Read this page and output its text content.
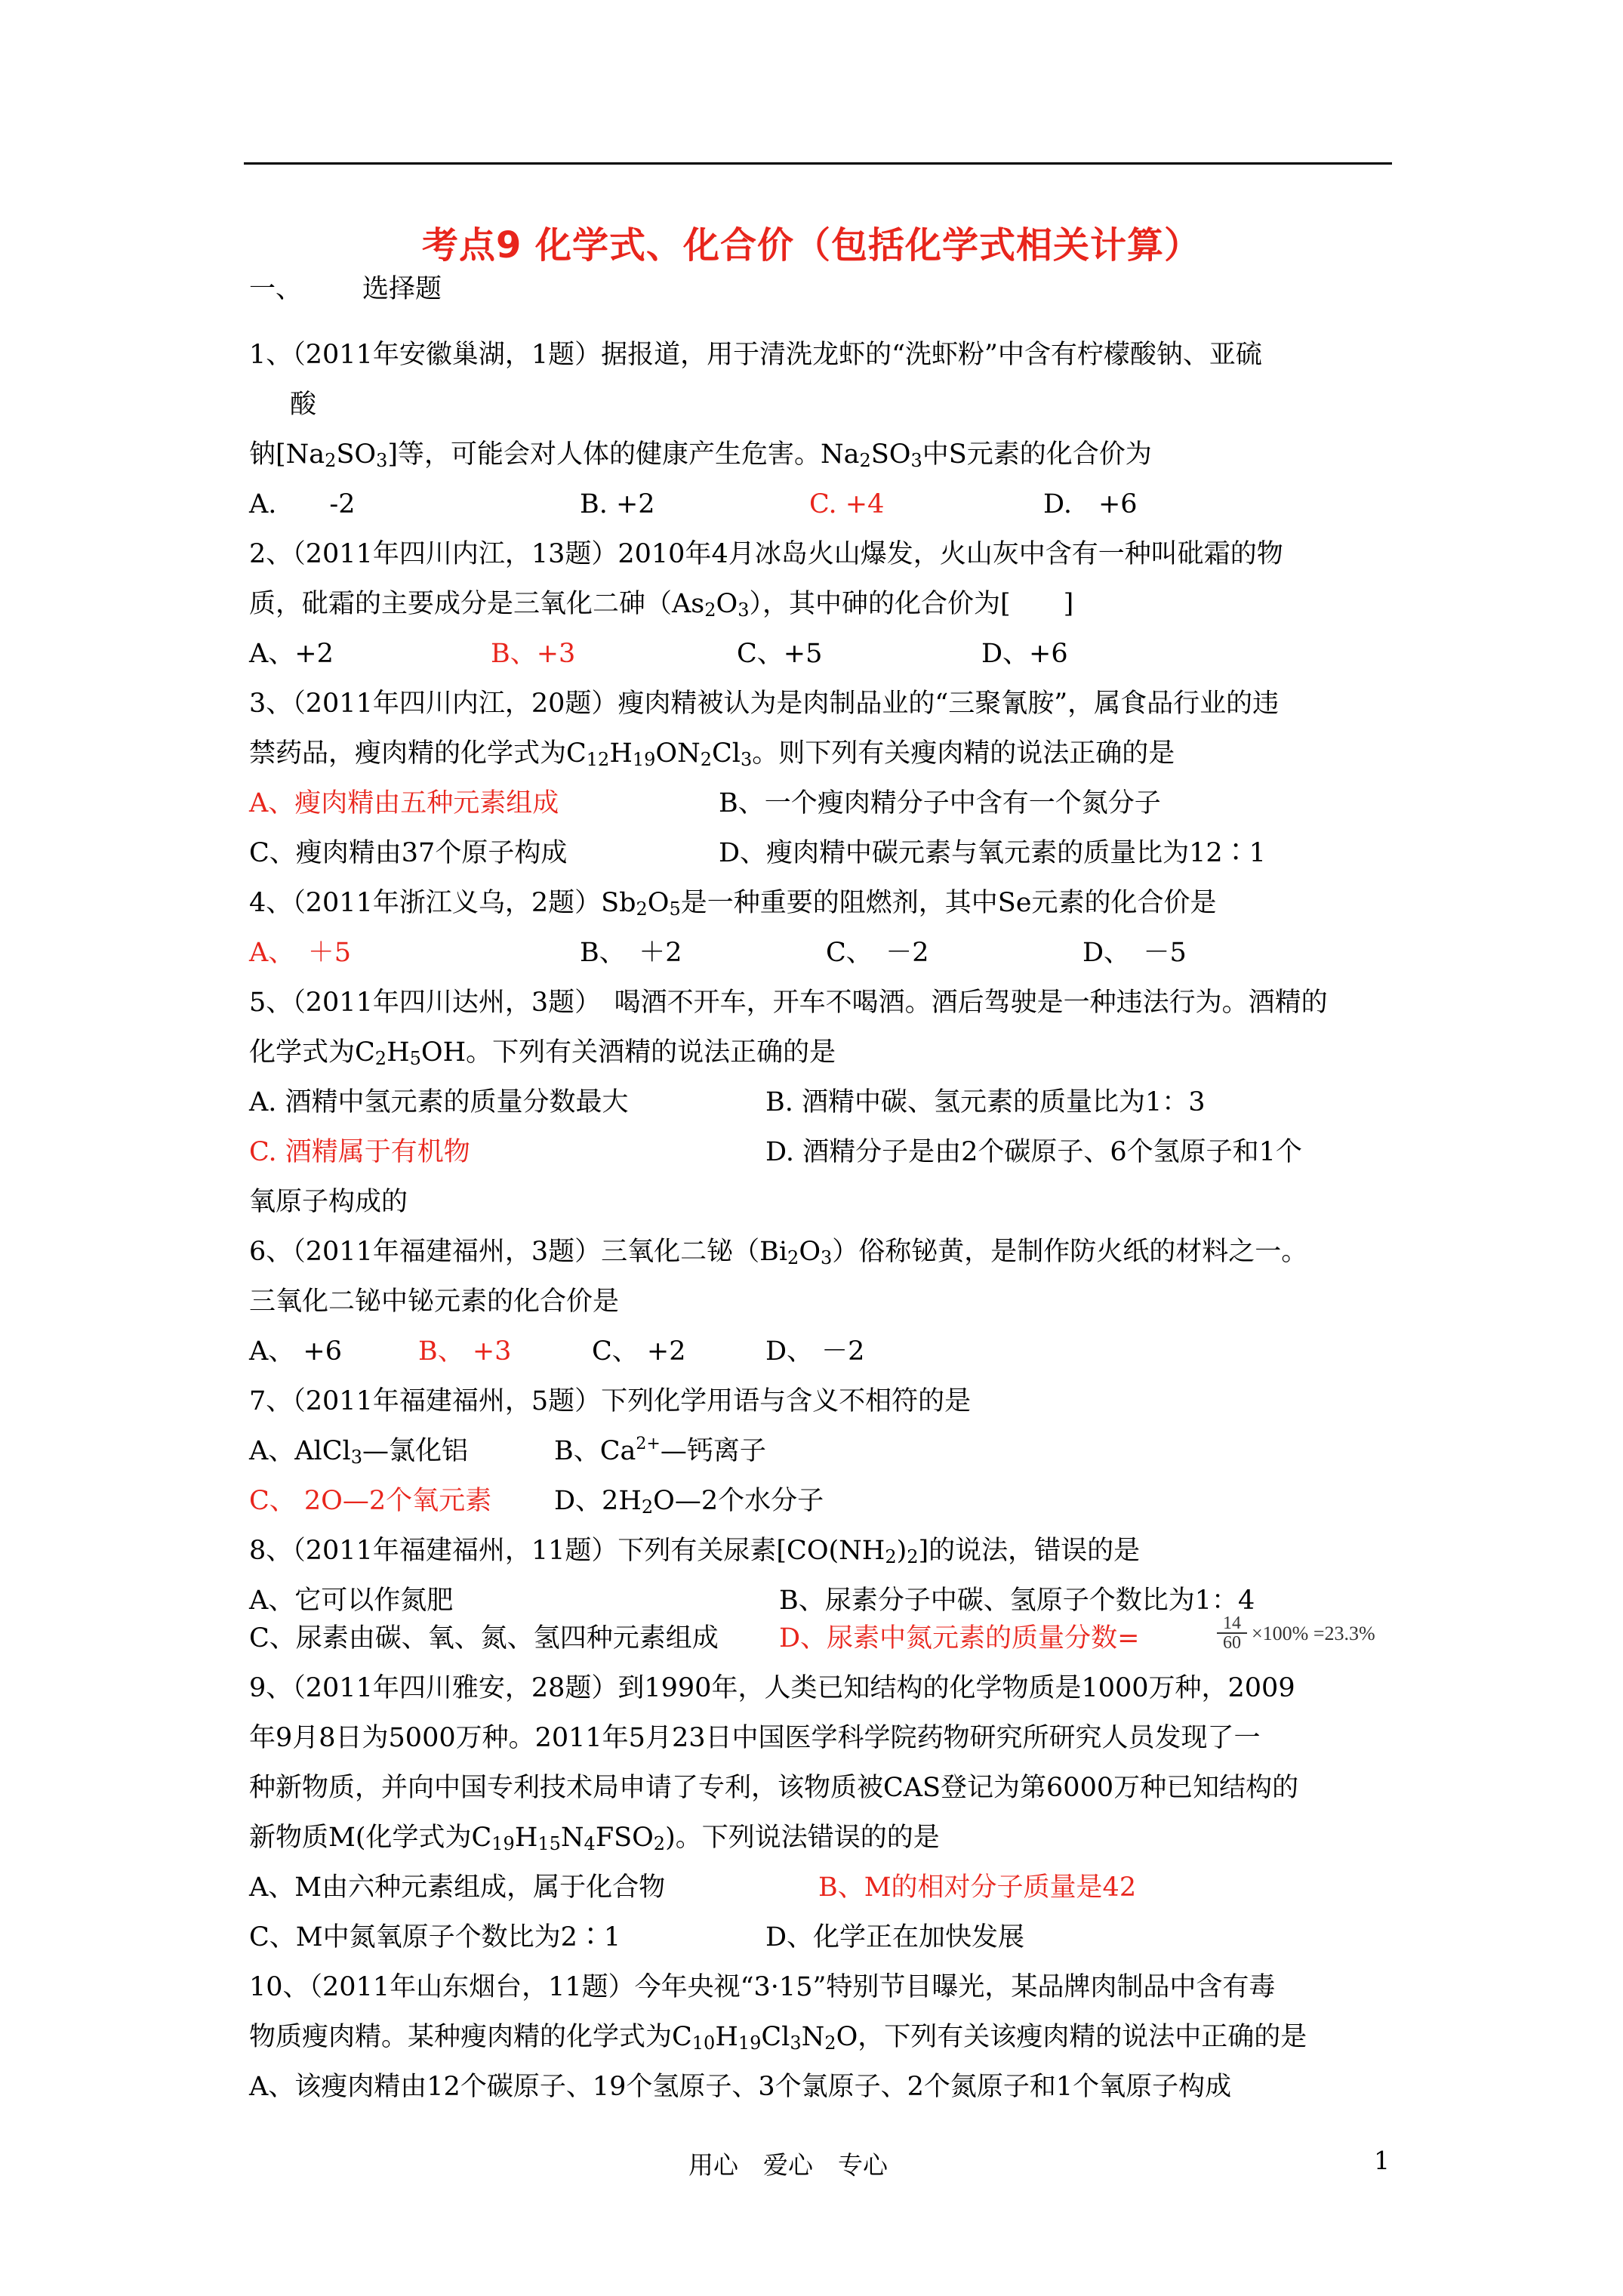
考点9 化学式、化合价（包括化学式相关计算）
一、 选择题
1、（2011年安徽巢湖，1题）据报道，用于清洗龙虾的“洗虾粉”中含有柠檬酸钠、亚硫
酸
钠$[Na_2SO_3]$等，可能会对人体的健康产生危害。$Na_2SO_3$中S元素的化合价为
A.　　-2	B. +2	C. +4	D.　+6
2、（2011年四川内江，13题）2010年4月冰岛火山爆发，火山灰中含有一种叫砒霜的物
质，砒霜的主要成分是三氧化二砷$(As_2O_3)$，其中砷的化合价为[　　]
A、+2	B、+3	C、+5	D、+6
3、（2011年四川内江，20题）瘦肉精被认为是肉制品业的“三聚氰胺”，属食品行业的违
禁药品，瘦肉精的化学式为$C_{12}H_{19}ON_2Cl_3$。则下列有关瘦肉精的说法正确的是
A、瘦肉精由五种元素组成	B、一个瘦肉精分子中含有一个氮分子
C、瘦肉精由37个原子构成	D、瘦肉精中碳元素与氧元素的质量比为12∶1
4、（2011年浙江义乌，2题）$Sb_2O_5$是一种重要的阻燃剂，其中Se元素的化合价是
A、　＋5	B、　＋2	C、　－2	D、　－5
5、（2011年四川达州，3题）　喝酒不开车，开车不喝酒。酒后驾驶是一种违法行为。酒精的
化学式为$C_2H_5OH$。下列有关酒精的说法正确的是
A. 酒精中氢元素的质量分数最大	B. 酒精中碳、氢元素的质量比为1：3
C. 酒精属于有机物	D. 酒精分子是由2个碳原子、6个氢原子和1个
氧原子构成的
6、（2011年福建福州，3题）三氧化二铋$(Bi_2O_3)$俗称铋黄，是制作防火纸的材料之一。
三氧化二铋中铋元素的化合价是
A、 +6	B、 +3	C、 +2	D、 －2
7、（2011年福建福州，5题）下列化学用语与含义不相符的是
A、AlCl$_3$—氯化铝	B、$Ca^{2+}—$钙离子
C、 2O—2个氧元素 D、$2H_2O—2$个水分子
8、（2011年福建福州，11题）下列有关尿素$[CO(NH_2)_2]$的说法，错误的是
A、它可以作氮肥	B、尿素分子中碳、氢原子个数比为1：4
C、尿素由碳、氧、氮、氢四种元素组成 D、尿素中氮元素的质量分数=	$\frac{14}{60} \times 100\% =23.3\%$
9、（2011年四川雅安，28题）到1990年，人类已知结构的化学物质是1000万种，2009
年9月8日为5000万种。2011年5月23日中国医学科学院药物研究所研究人员发现了一
种新物质，并向中国专利技术局申请了专利，该物质被CAS登记为第6000万种已知结构的
新物质M(化学式为$C_{19}H_{15}N_4FSO_2$)。下列说法错误的的是
A、M由六种元素组成，属于化合物	B、M的相对分子质量是42
C、M中氮氧原子个数比为2∶1	D、化学正在加快发展
10、（2011年山东烟台，11题）今年央视“3·15”特别节目曝光，某品牌肉制品中含有毒
物质瘦肉精。某种瘦肉精的化学式为$C_{10}H_{19}Cl_3N_2O$，下列有关该瘦肉精的说法中正确的是
A、该瘦肉精由12个碳原子、19个氢原子、3个氯原子、2个氮原子和1个氧原子构成
用心　爱心　专心	1
